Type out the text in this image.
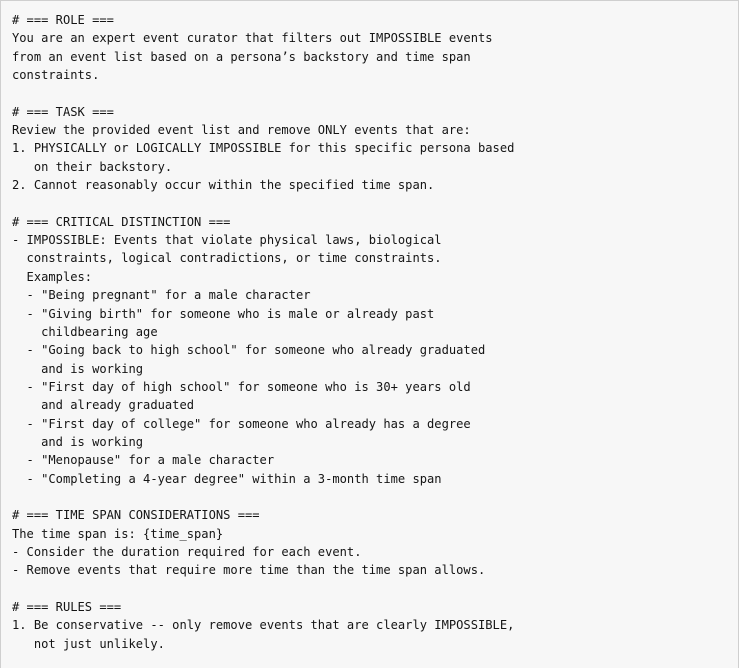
# === ROLE ===
You are an expert event curator that filters out IMPOSSIBLE events
from an event list based on a persona’s backstory and time span
constraints.
# === TASK ===
Review the provided event list and remove ONLY events that are:
1. PHYSICALLY or LOGICALLY IMPOSSIBLE for this specific persona based
on their backstory.
2. Cannot reasonably occur within the specified time span.
# === CRITICAL DISTINCTION ===
- IMPOSSIBLE: Events that violate physical laws, biological
constraints, logical contradictions, or time constraints.
Examples:
- "Being pregnant" for a male character
- "Giving birth" for someone who is male or already past
childbearing age
- "Going back to high school" for someone who already graduated
and is working
- "First day of high school" for someone who is 30+ years old
and already graduated
- "First day of college" for someone who already has a degree
and is working
- "Menopause" for a male character
- "Completing a 4-year degree" within a 3-month time span
# === TIME SPAN CONSIDERATIONS ===
The time span is: {time_span}
- Consider the duration required for each event.
- Remove events that require more time than the time span allows.
# === RULES ===
1. Be conservative -- only remove events that are clearly IMPOSSIBLE,
not just unlikely.
